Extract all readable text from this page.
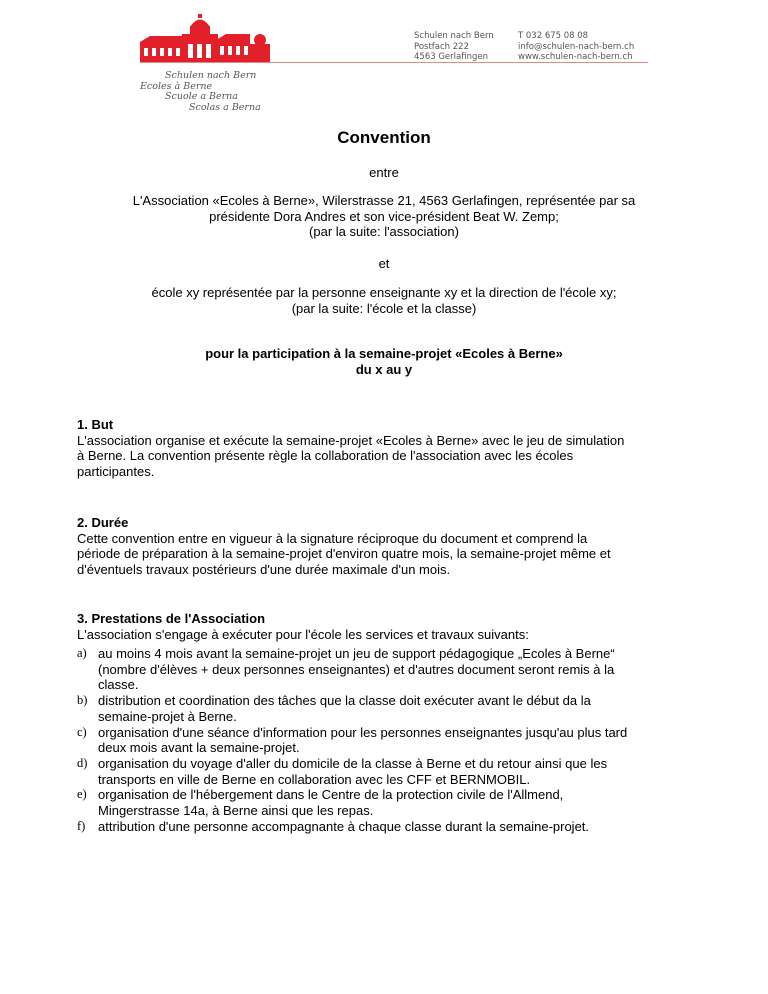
Schulen nach Bern
Ecoles à Berne
Scuole a Berna
Scolas a Berna
Schulen nach Bern
Postfach 222
4563 Gerlafingen
T 032 675 08 08
info@schulen-nach-bern.ch
www.schulen-nach-bern.ch
Convention
entre
L'Association «Ecoles à Berne», Wilerstrasse 21, 4563 Gerlafingen, représentée par sa
présidente Dora Andres et son vice-président Beat W. Zemp;
(par la suite: l'association)
et
école xy représentée par la personne enseignante xy et la direction de l'école xy;
(par la suite: l'école et la classe)
pour la participation à la semaine-projet «Ecoles à Berne»
du x au y
1. But

L'association organise et exécute la semaine-projet «Ecoles à Berne» avec le jeu de simulation

à Berne. La convention présente règle la collaboration de l'association avec les écoles

participantes.

2. Durée

Cette convention entre en vigueur à la signature réciproque du document et comprend la

période de préparation à la semaine-projet d'environ quatre mois, la semaine-projet même et

d'éventuels travaux postérieurs d'une durée maximale d'un mois.

3. Prestations de l'Association

L'association s'engage à exécuter pour l'école les services et travaux suivants:

a) au moins 4 mois avant la semaine-projet un jeu de support pédagogique „Ecoles à Berne“
(nombre d'élèves + deux personnes enseignantes) et d'autres document seront remis à la
classe.
b) distribution et coordination des tâches que la classe doit exécuter avant le début da la
semaine-projet à Berne.
c) organisation d'une séance d'information pour les personnes enseignantes jusqu'au plus tard
deux mois avant la semaine-projet.
d) organisation du voyage d'aller du domicile de la classe à Berne et du retour ainsi que les
transports en ville de Berne en collaboration avec les CFF et BERNMOBIL.
e) organisation de l'hébergement dans le Centre de la protection civile de l'Allmend,
Mingerstrasse 14a, à Berne ainsi que les repas.
f) attribution d'une personne accompagnante à chaque classe durant la semaine-projet.
